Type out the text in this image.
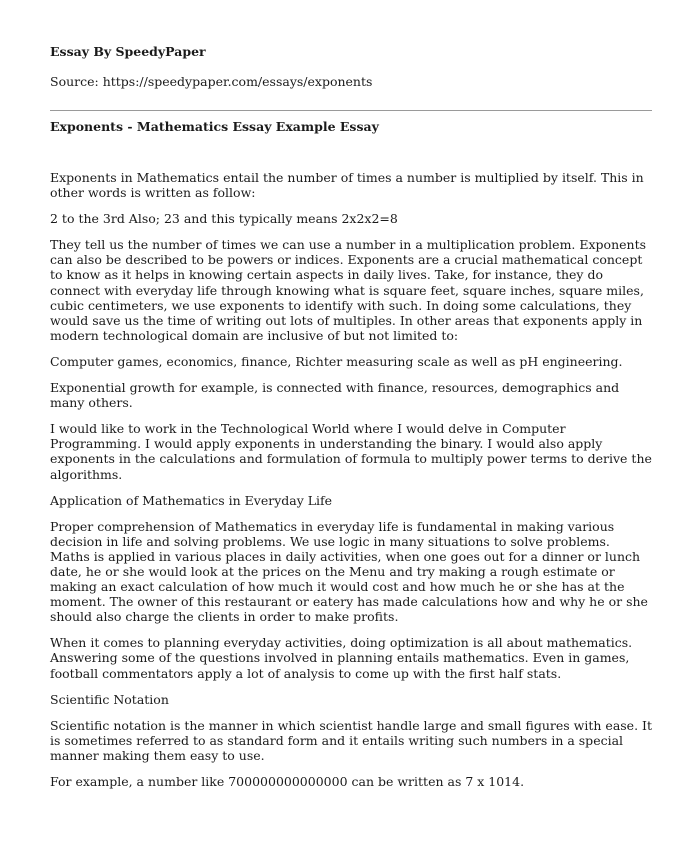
Essay By SpeedyPaper

Source: https://speedypaper.com/essays/exponents

Exponents - Mathematics Essay Example Essay

Exponents in Mathematics entail the number of times a number is multiplied by itself. This in other words is written as follow:

2 to the 3rd Also; 23 and this typically means 2x2x2=8

They tell us the number of times we can use a number in a multiplication problem. Exponents can also be described to be powers or indices. Exponents are a crucial mathematical concept to know as it helps in knowing certain aspects in daily lives. Take, for instance, they do connect with everyday life through knowing what is square feet, square inches, square miles, cubic centimeters, we use exponents to identify with such. In doing some calculations, they would save us the time of writing out lots of multiples. In other areas that exponents apply in modern technological domain are inclusive of but not limited to:

Computer games, economics, finance, Richter measuring scale as well as pH engineering.

Exponential growth for example, is connected with finance, resources, demographics and many others.

I would like to work in the Technological World where I would delve in Computer Programming. I would apply exponents in understanding the binary. I would also apply exponents in the calculations and formulation of formula to multiply power terms to derive the algorithms.

Application of Mathematics in Everyday Life

Proper comprehension of Mathematics in everyday life is fundamental in making various decision in life and solving problems. We use logic in many situations to solve problems. Maths is applied in various places in daily activities, when one goes out for a dinner or lunch date, he or she would look at the prices on the Menu and try making a rough estimate or making an exact calculation of how much it would cost and how much he or she has at the moment. The owner of this restaurant or eatery has made calculations how and why he or she should also charge the clients in order to make profits.

When it comes to planning everyday activities, doing optimization is all about mathematics. Answering some of the questions involved in planning entails mathematics. Even in games, football commentators apply a lot of analysis to come up with the first half stats.

Scientific Notation

Scientific notation is the manner in which scientist handle large and small figures with ease. It is sometimes referred to as standard form and it entails writing such numbers in a special manner making them easy to use.

For example, a number like 700000000000000 can be written as 7 x 1014.
